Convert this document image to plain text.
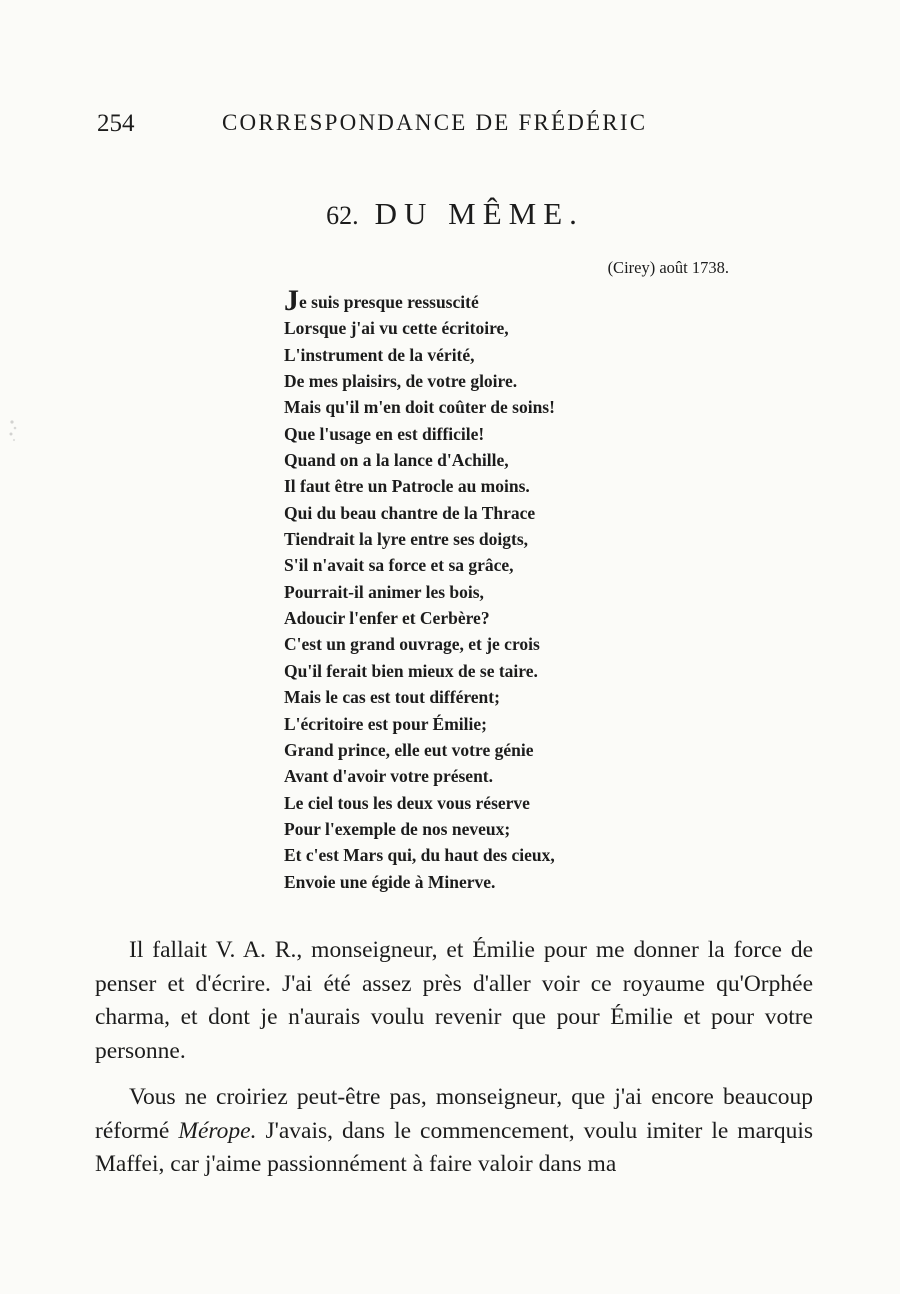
254	CORRESPONDANCE DE FRÉDÉRIC
62. DU MÊME.
(Cirey) août 1738.
Je suis presque ressuscité
Lorsque j'ai vu cette écritoire,
L'instrument de la vérité,
De mes plaisirs, de votre gloire.
Mais qu'il m'en doit coûter de soins!
Que l'usage en est difficile!
Quand on a la lance d'Achille,
Il faut être un Patrocle au moins.
Qui du beau chantre de la Thrace
Tiendrait la lyre entre ses doigts,
S'il n'avait sa force et sa grâce,
Pourrait-il animer les bois,
Adoucir l'enfer et Cerbère?
C'est un grand ouvrage, et je crois
Qu'il ferait bien mieux de se taire.
Mais le cas est tout différent;
L'écritoire est pour Émilie;
Grand prince, elle eut votre génie
Avant d'avoir votre présent.
Le ciel tous les deux vous réserve
Pour l'exemple de nos neveux;
Et c'est Mars qui, du haut des cieux,
Envoie une égide à Minerve.

Il fallait V. A. R., monseigneur, et Émilie pour me donner la force de penser et d'écrire. J'ai été assez près d'aller voir ce royaume qu'Orphée charma, et dont je n'aurais voulu revenir que pour Émilie et pour votre personne.

Vous ne croiriez peut-être pas, monseigneur, que j'ai encore beaucoup réformé Mérope. J'avais, dans le commencement, voulu imiter le marquis Maffei, car j'aime passionnément à faire valoir dans ma
